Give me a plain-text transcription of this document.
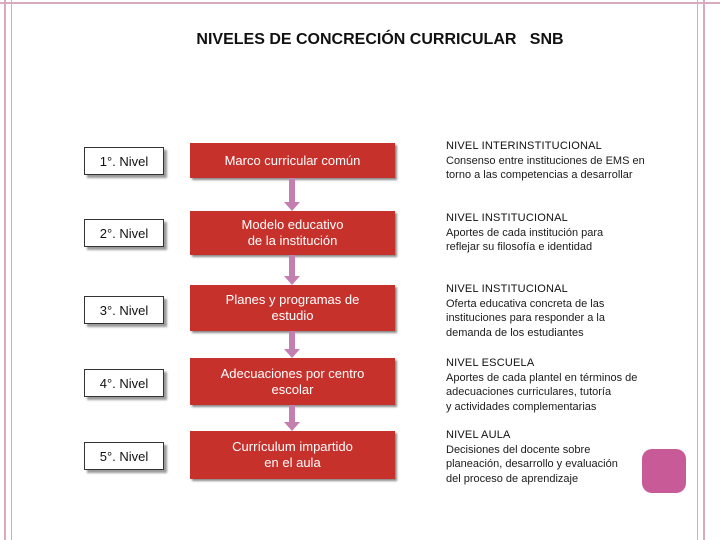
NIVELES DE CONCRECIÓN CURRICULAR   SNB
1°. Nivel
2°. Nivel
3°. Nivel
4°. Nivel
5°. Nivel
Marco curricular común
Modelo educativo
de la institución
Planes y programas de
estudio
Adecuaciones por centro
escolar
Currículum impartido
en el aula
NIVEL INTERINSTITUCIONAL

Consenso entre instituciones de EMS en
torno a las competencias a desarrollar

NIVEL INSTITUCIONAL

Aportes de cada institución para
reflejar su filosofía e identidad

NIVEL INSTITUCIONAL

Oferta educativa concreta de las
instituciones para responder a la
demanda de los estudiantes

NIVEL ESCUELA

Aportes de cada plantel en términos de
adecuaciones curriculares, tutoría
y actividades complementarias

NIVEL AULA

Decisiones del docente sobre
planeación, desarrollo y evaluación
del proceso de aprendizaje
